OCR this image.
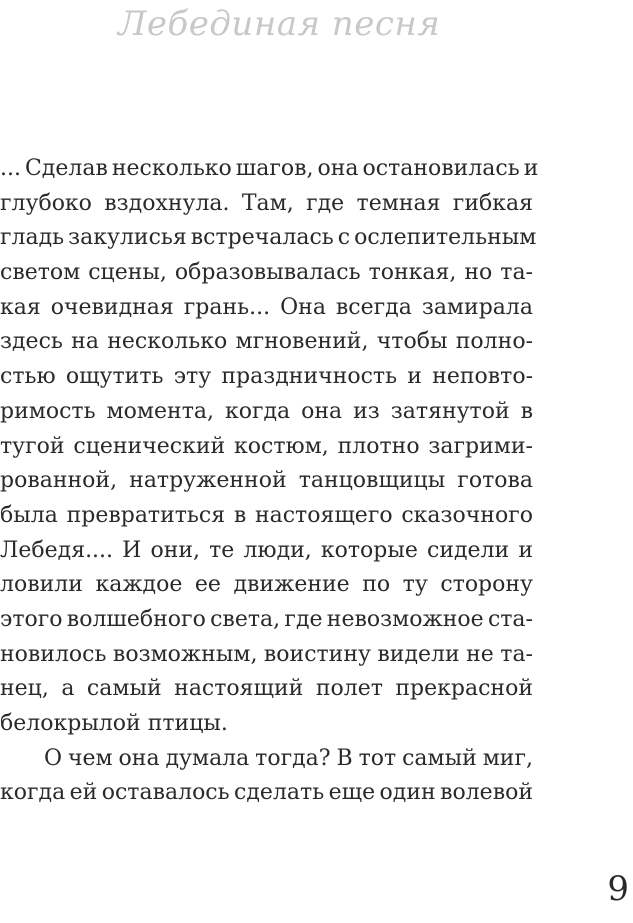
Лебединая песня
... Сделав несколько шагов, она остановилась и
глубоко вздохнула. Там, где темная гибкая
гладь закулисья встречалась с ослепительным
светом сцены, образовывалась тонкая, но та-
кая очевидная грань... Она всегда замирала
здесь на несколько мгновений, чтобы полно-
стью ощутить эту праздничность и неповто-
римость момента, когда она из затянутой в
тугой сценический костюм, плотно загрими-
рованной, натруженной танцовщицы готова
была превратиться в настоящего сказочного
Лебедя.... И они, те люди, которые сидели и
ловили каждое ее движение по ту сторону
этого волшебного света, где невозможное ста-
новилось возможным, воистину видели не та-
нец, а самый настоящий полет прекрасной
белокрылой птицы.
О чем она думала тогда? В тот самый миг,
когда ей оставалось сделать еще один волевой
9
